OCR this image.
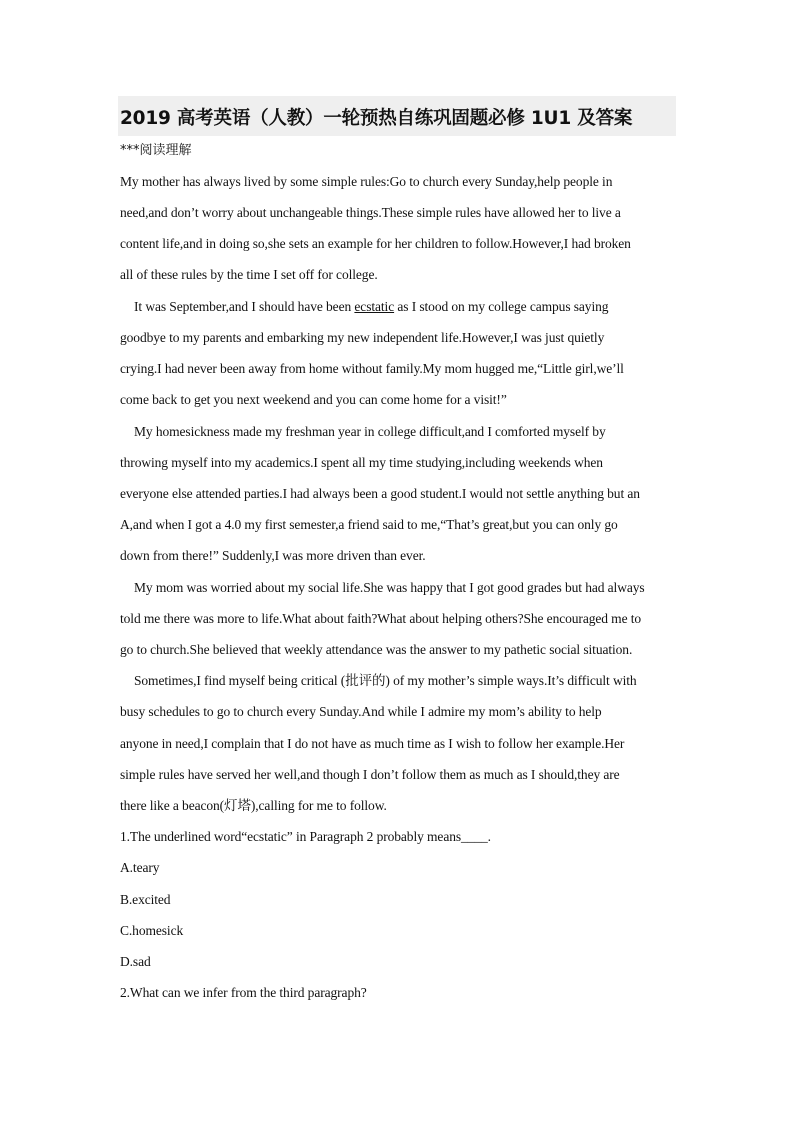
2019 高考英语（人教）一轮预热自练巩固题必修 1U1 及答案
***阅读理解
My mother has always lived by some simple rules:Go to church every Sunday,help people in
need,and don’t worry about unchangeable things.These simple rules have allowed her to live a
content life,and in doing so,she sets an example for her children to follow.However,I had broken
all of these rules by the time I set off for college.
It was September,and I should have been ecstatic as I stood on my college campus saying
goodbye to my parents and embarking my new independent life.However,I was just quietly
crying.I had never been away from home without family.My mom hugged me,“Little girl,we’ll
come back to get you next weekend and you can come home for a visit!”
My homesickness made my freshman year in college difficult,and I comforted myself by
throwing myself into my academics.I spent all my time studying,including weekends when
everyone else attended parties.I had always been a good student.I would not settle anything but an
A,and when I got a 4.0 my first semester,a friend said to me,“That’s great,but you can only go
down from there!” Suddenly,I was more driven than ever.
My mom was worried about my social life.She was happy that I got good grades but had always
told me there was more to life.What about faith?What about helping others?She encouraged me to
go to church.She believed that weekly attendance was the answer to my pathetic social situation.
Sometimes,I find myself being critical (批评的) of my mother’s simple ways.It’s difficult with
busy schedules to go to church every Sunday.And while I admire my mom’s ability to help
anyone in need,I complain that I do not have as much time as I wish to follow her example.Her
simple rules have served her well,and though I don’t follow them as much as I should,they are
there like a beacon(灯塔),calling for me to follow.
1.The underlined word“ecstatic” in Paragraph 2 probably means____.
A.teary
B.excited
C.homesick
D.sad
2.What can we infer from the third paragraph?
